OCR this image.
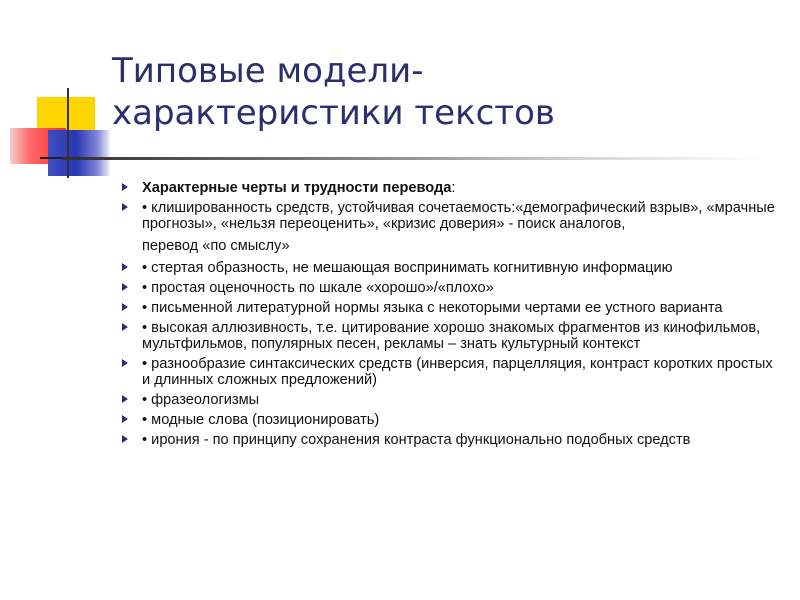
Типовые модели-
характеристики текстов
Характерные черты и трудности перевода:
• клишированность средств, устойчивая сочетаемость:«демографический взрыв», «мрачные прогнозы», «нельзя переоценить», «кризис доверия» - поиск аналогов,
перевод «по смыслу»
• стертая образность, не мешающая воспринимать когнитивную информацию
• простая оценочность по шкале «хорошо»/«плохо»
• письменной литературной нормы языка с некоторыми чертами ее устного варианта
• высокая аллюзивность, т.е. цитирование хорошо знакомых фрагментов из кинофильмов, мультфильмов, популярных песен, рекламы – знать культурный контекст
• разнообразие синтаксических средств (инверсия, парцелляция, контраст коротких простых и длинных сложных предложений)
• фразеологизмы
• модные слова (позиционировать)
• ирония - по принципу сохранения контраста функционально подобных средств
